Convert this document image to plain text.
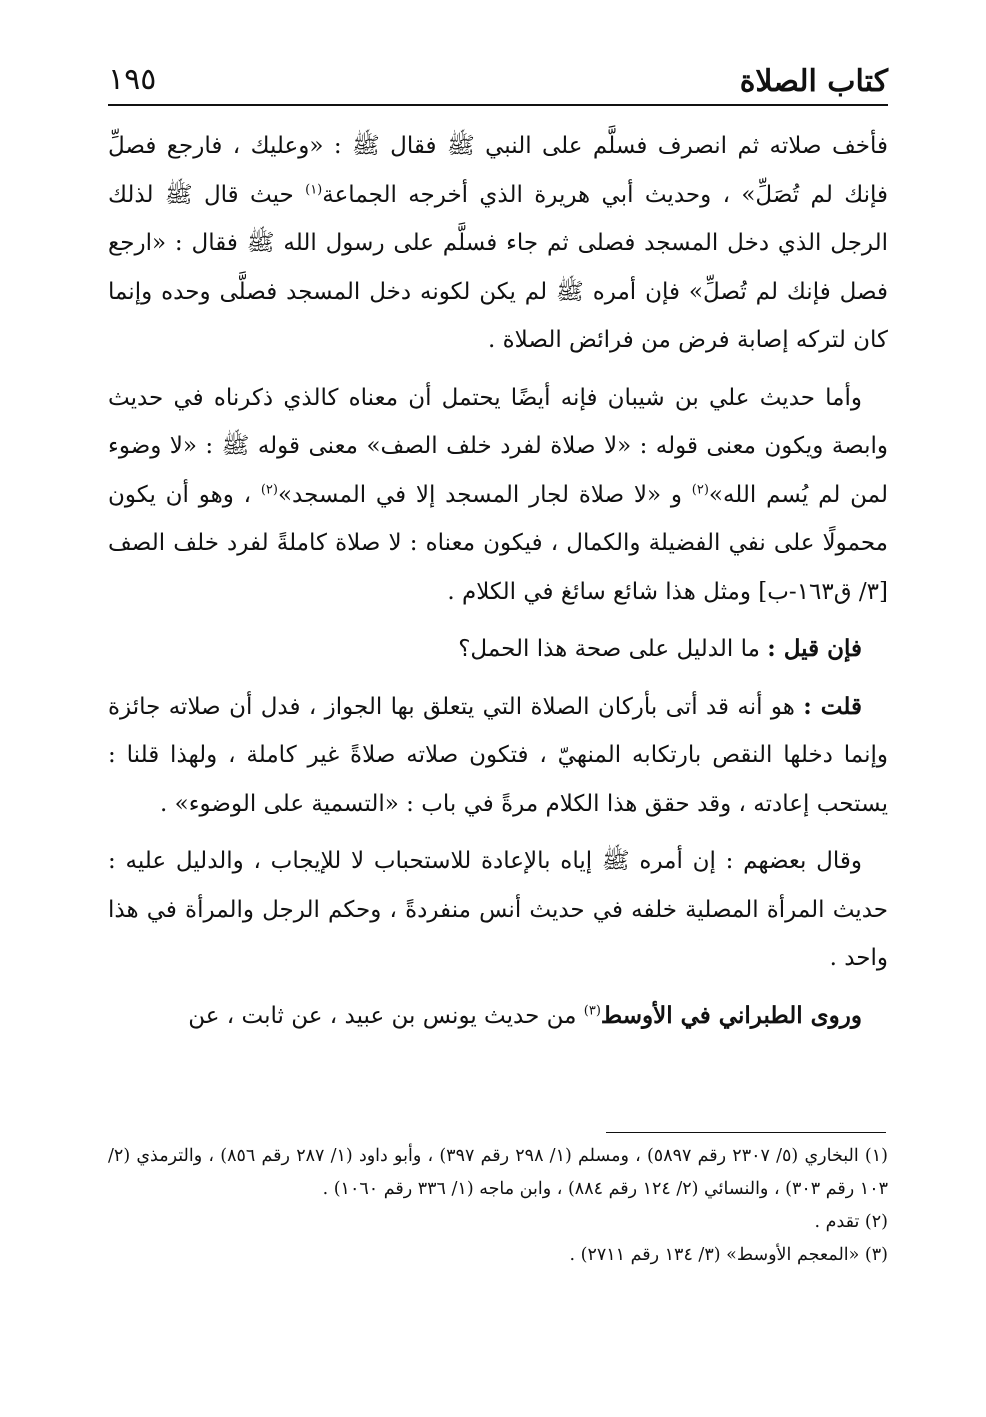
كتاب الصلاة
١٩٥

فأخف صلاته ثم انصرف فسلَّم على النبي ﷺ فقال ﷺ : «وعليك ، فارجع فصلِّ فإنك لم تُصَلِّ» ، وحديث أبي هريرة الذي أخرجه الجماعة$^{(١)}$ حيث قال ﷺ لذلك الرجل الذي دخل المسجد فصلى ثم جاء فسلَّم على رسول الله ﷺ فقال : «ارجع فصل فإنك لم تُصلِّ» فإن أمره ﷺ لم يكن لكونه دخل المسجد فصلَّى وحده وإنما كان لتركه إصابة فرض من فرائض الصلاة .

وأما حديث علي بن شيبان فإنه أيضًا يحتمل أن معناه كالذي ذكرناه في حديث وابصة ويكون معنى قوله : «لا صلاة لفرد خلف الصف» معنى قوله ﷺ : «لا وضوء لمن لم يُسم الله»$^{(٢)}$ و «لا صلاة لجار المسجد إلا في المسجد»$^{(٢)}$ ، وهو أن يكون محمولًا على نفي الفضيلة والكمال ، فيكون معناه : لا صلاة كاملةً لفرد خلف الصف [٣/ ق١٦٣-ب] ومثل هذا شائع سائغ في الكلام .

فإن قيل : ما الدليل على صحة هذا الحمل؟

قلت : هو أنه قد أتى بأركان الصلاة التي يتعلق بها الجواز ، فدل أن صلاته جائزة وإنما دخلها النقص بارتكابه المنهيّ ، فتكون صلاته صلاةً غير كاملة ، ولهذا قلنا : يستحب إعادته ، وقد حقق هذا الكلام مرةً في باب : «التسمية على الوضوء» .

وقال بعضهم : إن أمره ﷺ إياه بالإعادة للاستحباب لا للإيجاب ، والدليل عليه : حديث المرأة المصلية خلفه في حديث أنس منفردةً ، وحكم الرجل والمرأة في هذا واحد .

وروى الطبراني في الأوسط$^{(٣)}$ من حديث يونس بن عبيد ، عن ثابت ، عن

(١) البخاري (٥/ ٢٣٠٧ رقم ٥٨٩٧) ، ومسلم (١/ ٢٩٨ رقم ٣٩٧) ، وأبو داود (١/ ٢٨٧ رقم ٨٥٦) ، والترمذي (٢/ ١٠٣ رقم ٣٠٣) ، والنسائي (٢/ ١٢٤ رقم ٨٨٤) ، وابن ماجه (١/ ٣٣٦ رقم ١٠٦٠) .

(٢) تقدم .

(٣) «المعجم الأوسط» (٣/ ١٣٤ رقم ٢٧١١) .
